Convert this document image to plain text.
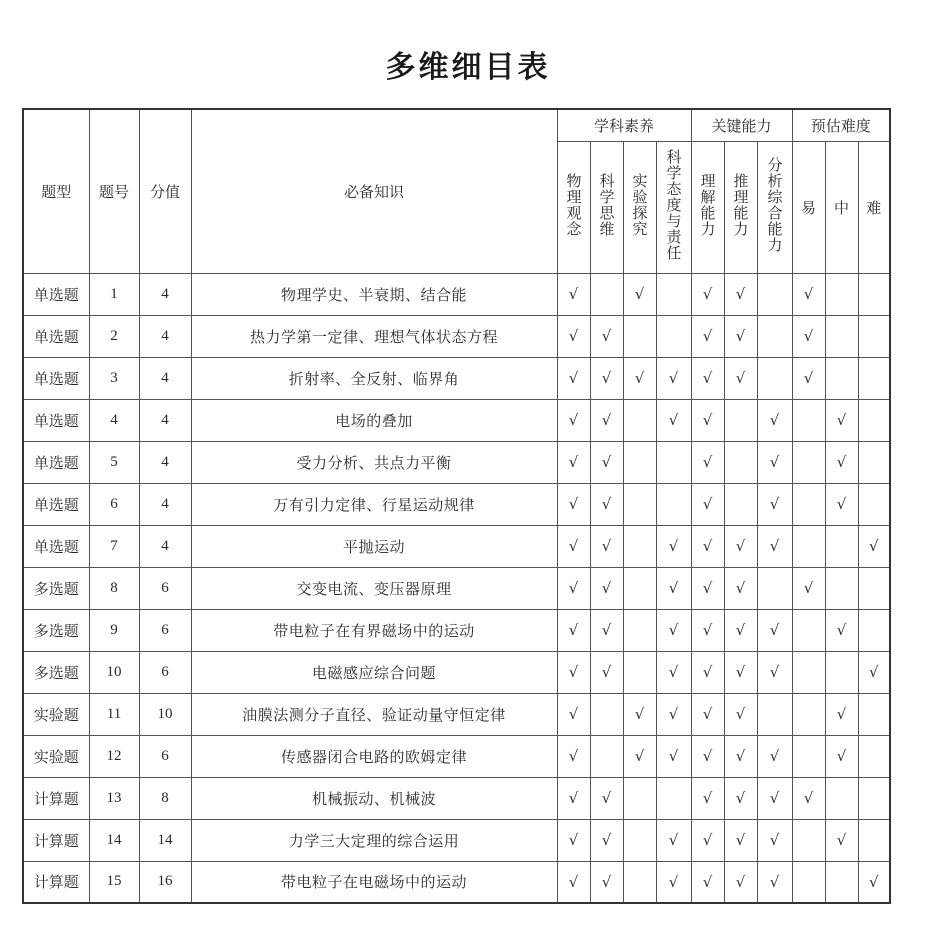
多维细目表
题型	题号	分值	必备知识	学科素养				关键能力			预估难度		
				物理观念	科学思维	实验探究	科学态度与责任	理解能力	推理能力	分析综合能力	易	中	难
单选题	1	4	物理学史、半衰期、结合能	√		√		√	√		√		
单选题	2	4	热力学第一定律、理想气体状态方程	√	√			√	√		√		
单选题	3	4	折射率、全反射、临界角	√	√	√	√	√	√		√		
单选题	4	4	电场的叠加	√	√		√	√		√		√	
单选题	5	4	受力分析、共点力平衡	√	√			√		√		√	
单选题	6	4	万有引力定律、行星运动规律	√	√			√		√		√	
单选题	7	4	平抛运动	√	√		√	√	√	√			√
多选题	8	6	交变电流、变压器原理	√	√		√	√	√		√		
多选题	9	6	带电粒子在有界磁场中的运动	√	√		√	√	√	√		√	
多选题	10	6	电磁感应综合问题	√	√		√	√	√	√			√
实验题	11	10	油膜法测分子直径、验证动量守恒定律	√		√	√	√	√			√	
实验题	12	6	传感器闭合电路的欧姆定律	√		√	√	√	√	√		√	
计算题	13	8	机械振动、机械波	√	√			√	√	√	√		
计算题	14	14	力学三大定理的综合运用	√	√		√	√	√	√		√	
计算题	15	16	带电粒子在电磁场中的运动	√	√		√	√	√	√			√
